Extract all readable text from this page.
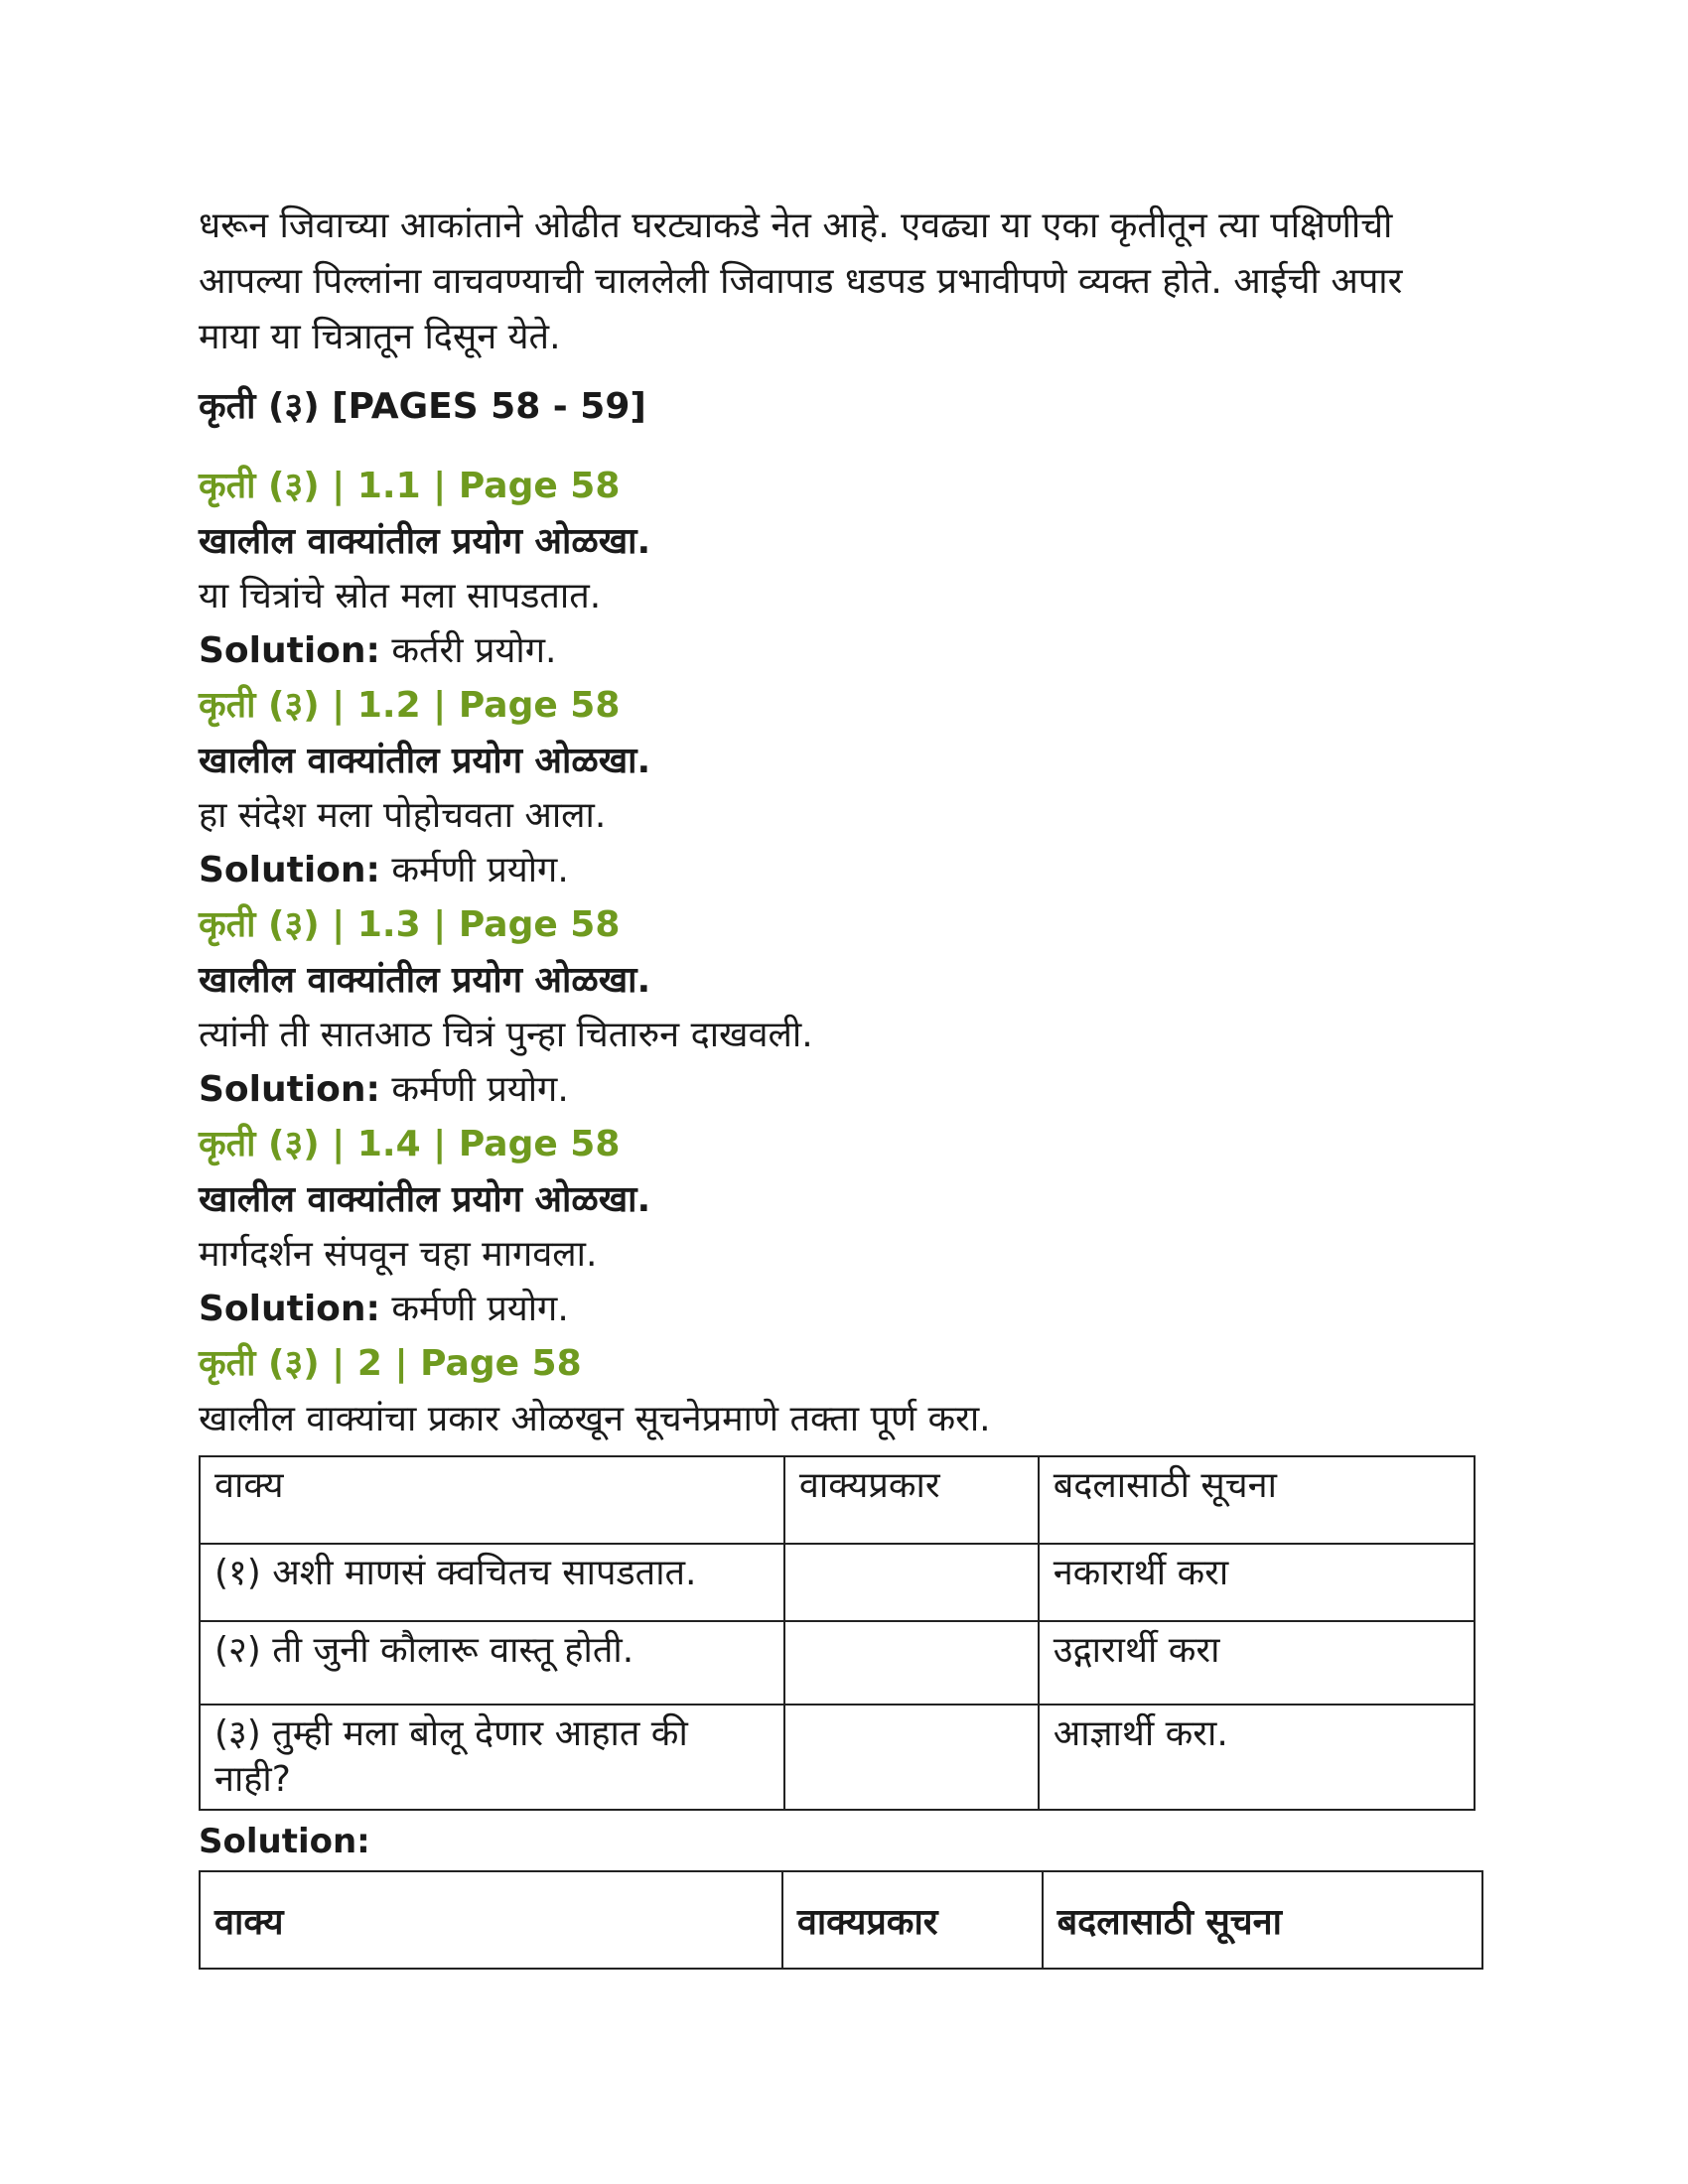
धरून जिवाच्या आकांताने ओढीत घरट्याकडे नेत आहे. एवढ्या या एका कृतीतून त्या पक्षिणीची

आपल्या पिल्लांना वाचवण्याची चाललेली जिवापाड धडपड प्रभावीपणे व्यक्त होते. आईची अपार

माया या चित्रातून दिसून येते.

कृती (३) [PAGES 58 - 59]

कृती (३) | 1.1 | Page 58

खालील वाक्यांतील प्रयोग ओळखा.

या चित्रांचे स्रोत मला सापडतात.

Solution: कर्तरी प्रयोग.

कृती (३) | 1.2 | Page 58

खालील वाक्यांतील प्रयोग ओळखा.

हा संदेश मला पोहोचवता आला.

Solution: कर्मणी प्रयोग.

कृती (३) | 1.3 | Page 58

खालील वाक्यांतील प्रयोग ओळखा.

त्यांनी ती सातआठ चित्रं पुन्हा चितारुन दाखवली.

Solution: कर्मणी प्रयोग.

कृती (३) | 1.4 | Page 58

खालील वाक्यांतील प्रयोग ओळखा.

मार्गदर्शन संपवून चहा मागवला.

Solution: कर्मणी प्रयोग.

कृती (३) | 2 | Page 58

खालील वाक्यांचा प्रकार ओळखून सूचनेप्रमाणे तक्ता पूर्ण करा.

वाक्य	वाक्यप्रकार	बदलासाठी सूचना
(१) अशी माणसं क्वचितच सापडतात.		नकारार्थी करा
(२) ती जुनी कौलारू वास्तू होती.		उद्गारार्थी करा
(३) तुम्ही मला बोलू देणार आहात की नाही?		आज्ञार्थी करा.

Solution:

वाक्य	वाक्यप्रकार	बदलासाठी सूचना
